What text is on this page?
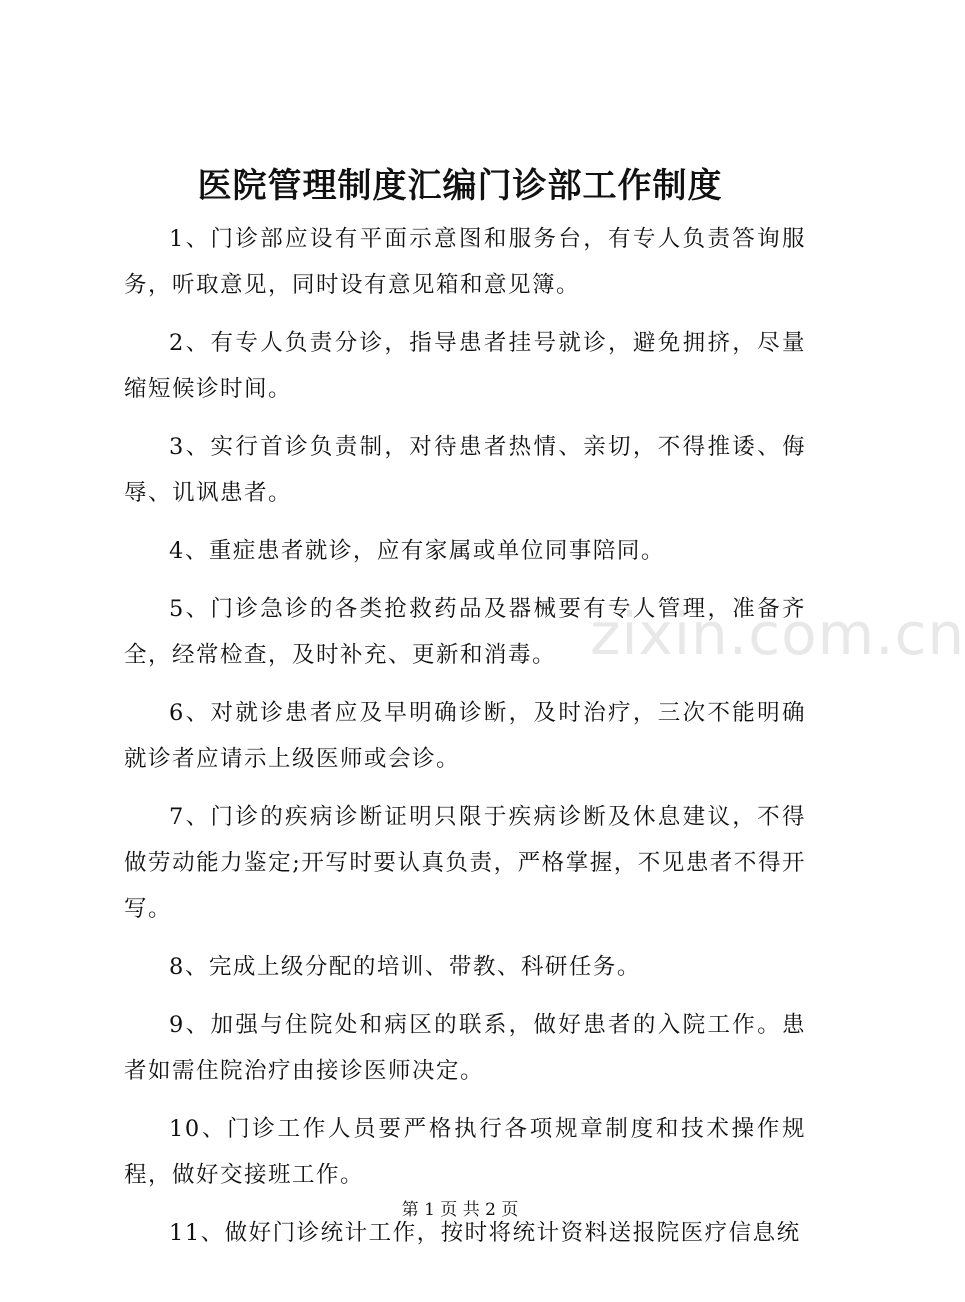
医院管理制度汇编门诊部工作制度

1、门诊部应设有平面示意图和服务台，有专人负责答询服务，听取意见，同时设有意见箱和意见簿。

2、有专人负责分诊，指导患者挂号就诊，避免拥挤，尽量缩短候诊时间。

3、实行首诊负责制，对待患者热情、亲切，不得推诿、侮辱、讥讽患者。

4、重症患者就诊，应有家属或单位同事陪同。

5、门诊急诊的各类抢救药品及器械要有专人管理，准备齐全，经常检查，及时补充、更新和消毒。

6、对就诊患者应及早明确诊断，及时治疗，三次不能明确就诊者应请示上级医师或会诊。

7、门诊的疾病诊断证明只限于疾病诊断及休息建议，不得做劳动能力鉴定;开写时要认真负责，严格掌握，不见患者不得开写。

8、完成上级分配的培训、带教、科研任务。

9、加强与住院处和病区的联系，做好患者的入院工作。患者如需住院治疗由接诊医师决定。

10、门诊工作人员要严格执行各项规章制度和技术操作规程，做好交接班工作。

11、做好门诊统计工作，按时将统计资料送报院医疗信息统

zixin.com.cn
第 1 页 共 2 页
